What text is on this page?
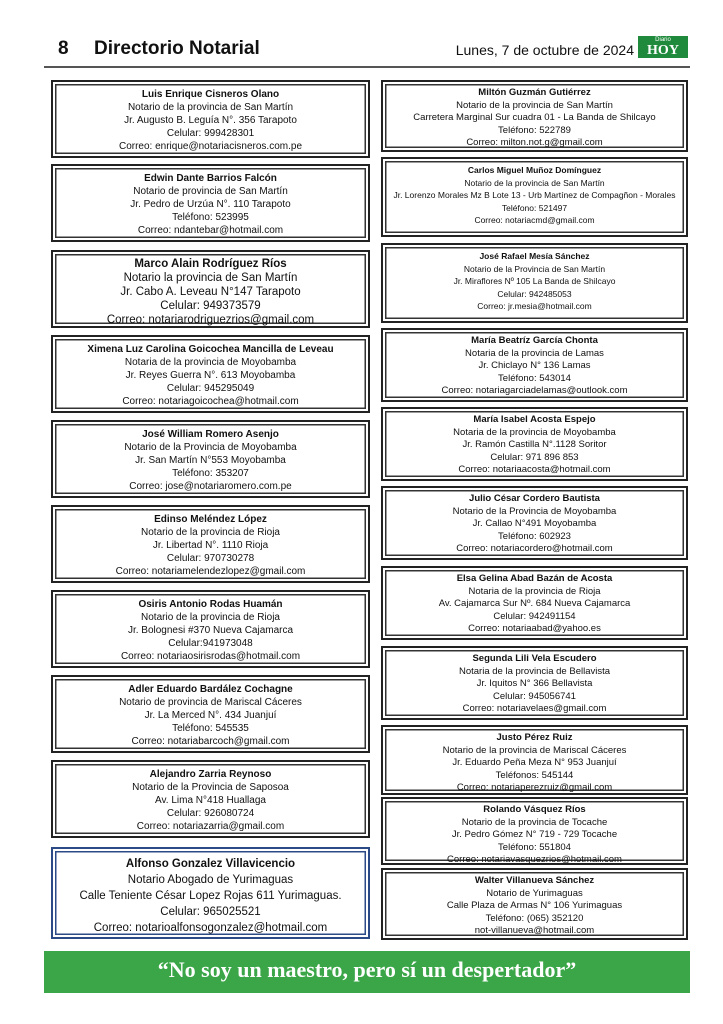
8 Directorio Notarial	Lunes, 7 de octubre de 2024
Diario
HOY
Luis Enrique Cisneros Olano
Notario de la provincia de San Martín
Jr. Augusto B. Leguía N°. 356 Tarapoto
Celular: 999428301
Correo: enrique@notariacisneros.com.pe
Edwin Dante Barrios Falcón
Notario de provincia de San Martín
Jr. Pedro de Urzúa N°. 110 Tarapoto
Teléfono: 523995
Correo: ndantebar@hotmail.com
Marco Alain Rodríguez Ríos
Notario la provincia de San Martín
Jr. Cabo A. Leveau N°147 Tarapoto
Celular: 949373579
Correo: notariarodriguezrios@gmail.com
Ximena Luz Carolina Goicochea Mancilla de Leveau
Notaria de la provincia de Moyobamba
Jr. Reyes Guerra N°. 613 Moyobamba
Celular: 945295049
Correo: notariagoicochea@hotmail.com
José William Romero Asenjo
Notario de la Provincia de Moyobamba
Jr. San Martín N°553 Moyobamba
Teléfono: 353207
Correo: jose@notariaromero.com.pe
Edinso Meléndez López
Notario de la provincia de Rioja
Jr. Libertad N°. 1110 Rioja
Celular: 970730278
Correo: notariamelendezlopez@gmail.com
Osiris Antonio Rodas Huamán
Notario de la provincia de Rioja
Jr. Bolognesi #370 Nueva Cajamarca
Celular:941973048
Correo: notariaosirisrodas@hotmail.com
Adler Eduardo Bardález Cochagne
Notario de provincia de Mariscal Cáceres
Jr. La Merced N°. 434 Juanjuí
Teléfono: 545535
Correo: notariabarcoch@gmail.com
Alejandro Zarria Reynoso
Notario de la Provincia de Saposoa
Av. Lima N°418 Huallaga
Celular: 926080724
Correo: notariazarria@gmail.com
Alfonso Gonzalez Villavicencio
Notario Abogado de Yurimaguas
Calle Teniente César Lopez Rojas 611 Yurimaguas.
Celular: 965025521
Correo: notarioalfonsogonzalez@hotmail.com
Miltón Guzmán Gutiérrez
Notario de la provincia de San Martín
Carretera Marginal Sur cuadra 01 - La Banda de Shilcayo
Teléfono: 522789
Correo: milton.not.g@gmail.com
Carlos Miguel Muñoz Domínguez
Notario de la provincia de San Martín
Jr. Lorenzo Morales Mz B Lote 13 - Urb Martínez de Compagñon - Morales
Teléfono: 521497
Correo: notariacmd@gmail.com
José Rafael Mesía Sánchez
Notario de la Provincia de San Martín
Jr. Miraflores Nº 105 La Banda de Shilcayo
Celular: 942485053
Correo: jr.mesia@hotmail.com
María Beatríz García Chonta
Notaria de la provincia de Lamas
Jr. Chiclayo N° 136 Lamas
Teléfono: 543014
Correo: notariagarciadelamas@outlook.com
María Isabel Acosta Espejo
Notaria de la provincia de Moyobamba
Jr. Ramón Castilla N°.1128 Soritor
Celular: 971 896 853
Correo: notariaacosta@hotmail.com
Julio César Cordero Bautista
Notario de la Provincia de Moyobamba
Jr. Callao N°491 Moyobamba
Teléfono: 602923
Correo: notariacordero@hotmail.com
Elsa Gelina Abad Bazán de Acosta
Notaria de la provincia de Rioja
Av. Cajamarca Sur Nº. 684 Nueva Cajamarca
Celular: 942491154
Correo: notariaabad@yahoo.es
Segunda Lili Vela Escudero
Notaria de la provincia de Bellavista
Jr. Iquitos N° 366 Bellavista
Celular: 945056741
Correo: notariavelaes@gmail.com
Justo Pérez Ruiz
Notario de la provincia de Mariscal Cáceres
Jr. Eduardo Peña Meza N° 953 Juanjuí
Teléfonos: 545144
Correo: notariaperezruiz@gmail.com
Rolando Vásquez Ríos
Notario de la provincia de Tocache
Jr. Pedro Gómez N° 719 - 729 Tocache
Teléfono: 551804
Correo: notariavasquezrios@hotmail.com
Walter Villanueva Sánchez
Notario de Yurimaguas
Calle Plaza de Armas N° 106 Yurimaguas
Teléfono: (065) 352120
not-villanueva@hotmail.com
“No soy un maestro, pero sí un despertador”
